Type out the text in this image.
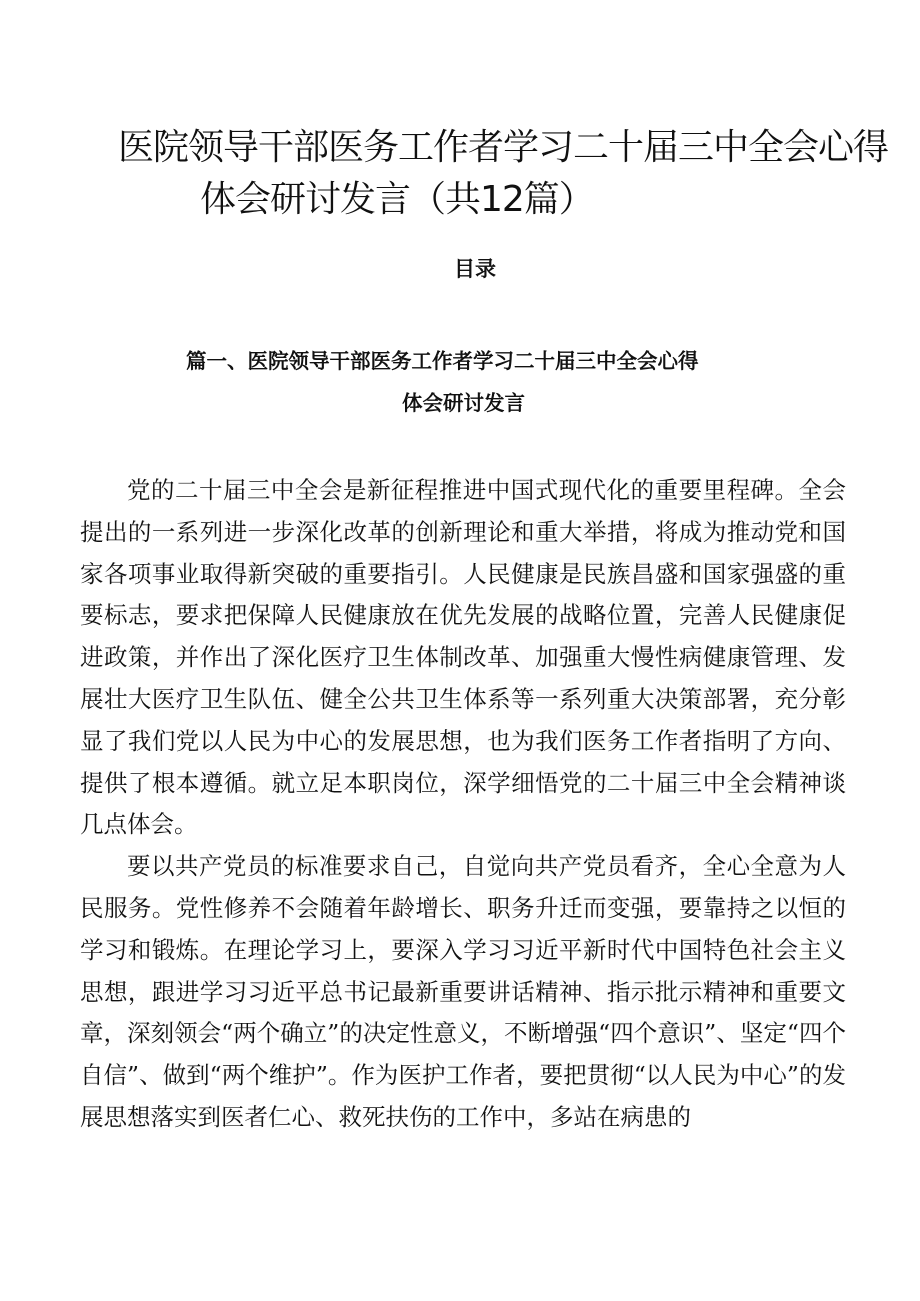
医院领导干部医务工作者学习二十届三中全会心得
体会研讨发言（共12篇）
目录
篇一、医院领导干部医务工作者学习二十届三中全会心得
体会研讨发言

党的二十届三中全会是新征程推进中国式现代化的重要里程碑。全会提出的一系列进一步深化改革的创新理论和重大举措，将成为推动党和国家各项事业取得新突破的重要指引。人民健康是民族昌盛和国家强盛的重要标志，要求把保障人民健康放在优先发展的战略位置，完善人民健康促进政策，并作出了深化医疗卫生体制改革、加强重大慢性病健康管理、发展壮大医疗卫生队伍、健全公共卫生体系等一系列重大决策部署，充分彰显了我们党以人民为中心的发展思想，也为我们医务工作者指明了方向、提供了根本遵循。就立足本职岗位，深学细悟党的二十届三中全会精神谈几点体会。

要以共产党员的标准要求自己，自觉向共产党员看齐，全心全意为人民服务。党性修养不会随着年龄增长、职务升迁而变强，要靠持之以恒的学习和锻炼。在理论学习上，要深入学习习近平新时代中国特色社会主义思想，跟进学习习近平总书记最新重要讲话精神、指示批示精神和重要文章，深刻领会“两个确立”的决定性意义，不断增强“四个意识”、坚定“四个自信”、做到“两个维护”。作为医护工作者，要把贯彻“以人民为中心”的发展思想落实到医者仁心、救死扶伤的工作中，多站在病患的
